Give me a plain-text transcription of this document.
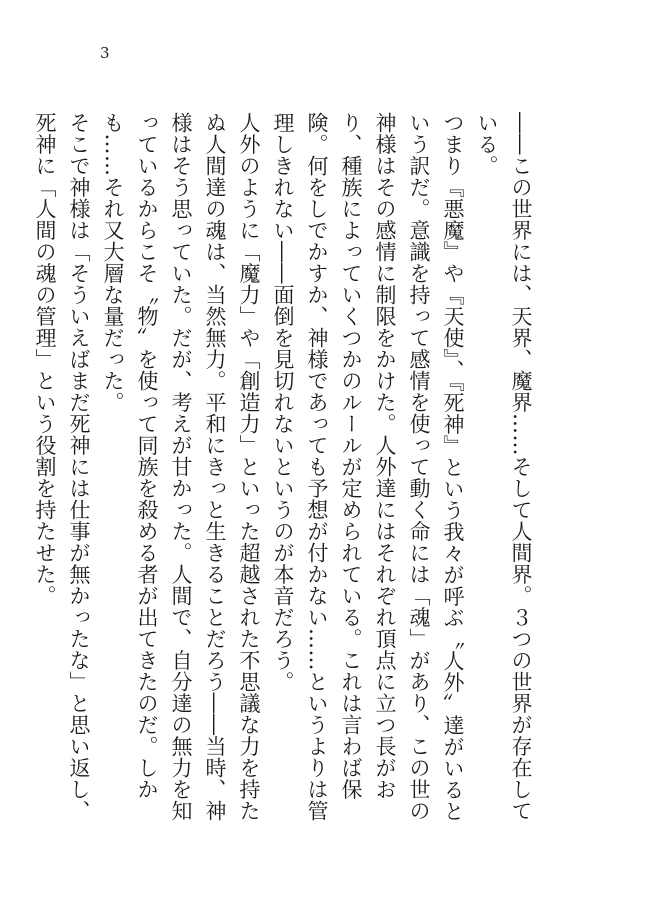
3

――この世界には、天界、魔界……そして人間界。３つの世界が存在している。

つまり『悪魔』や『天使』、『死神』という我々が呼ぶ〝人外〟達がいるという訳だ。意識を持って感情を使って動く命には「魂」があり、この世の神様はその感情に制限をかけた。人外達にはそれぞれ頂点に立つ長がおり、種族によっていくつかのルールが定められている。これは言わば保険。何をしでかすか、神様であっても予想が付かない……というよりは管理しきれない――面倒を見切れないというのが本音だろう。

人外のように「魔力」や「創造力」といった超越された不思議な力を持たぬ人間達の魂は、当然無力。平和にきっと生きることだろう――当時、神様はそう思っていた。だが、考えが甘かった。人間で、自分達の無力を知っているからこそ〝物〟を使って同族を殺める者が出てきたのだ。しかも……それ又大層な量だった。

そこで神様は「そういえばまだ死神には仕事が無かったな」と思い返し、死神に「人間の魂の管理」という役割を持たせた。
